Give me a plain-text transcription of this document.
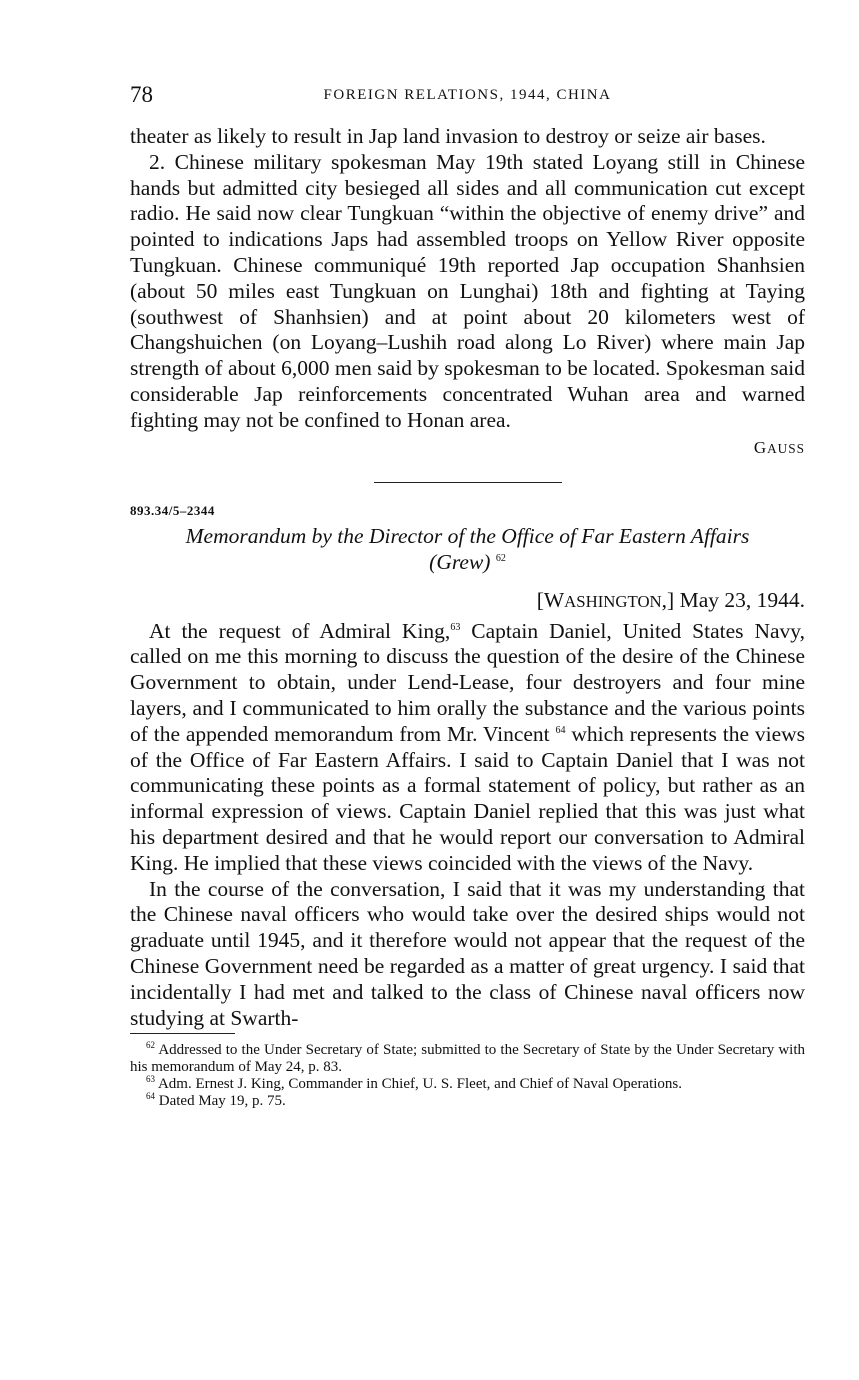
78	FOREIGN RELATIONS, 1944, CHINA

theater as likely to result in Jap land invasion to destroy or seize air bases.

2. Chinese military spokesman May 19th stated Loyang still in Chinese hands but admitted city besieged all sides and all communication cut except radio. He said now clear Tungkuan “within the objective of enemy drive” and pointed to indications Japs had assembled troops on Yellow River opposite Tungkuan. Chinese communiqué 19th reported Jap occupation Shanhsien (about 50 miles east Tungkuan on Lunghai) 18th and fighting at Taying (southwest of Shanhsien) and at point about 20 kilometers west of Changshuichen (on Loyang–Lushih road along Lo River) where main Jap strength of about 6,000 men said by spokesman to be located. Spokesman said considerable Jap reinforcements concentrated Wuhan area and warned fighting may not be confined to Honan area.

GAUSS
893.34/5–2344
Memorandum by the Director of the Office of Far Eastern Affairs
(Grew) $^{62}$
[WASHINGTON,] May 23, 1944.

At the request of Admiral King,$^{63}$ Captain Daniel, United States Navy, called on me this morning to discuss the question of the desire of the Chinese Government to obtain, under Lend-Lease, four destroyers and four mine layers, and I communicated to him orally the substance and the various points of the appended memorandum from Mr. Vincent $^{64}$ which represents the views of the Office of Far Eastern Affairs. I said to Captain Daniel that I was not communicating these points as a formal statement of policy, but rather as an informal expression of views. Captain Daniel replied that this was just what his department desired and that he would report our conversation to Admiral King. He implied that these views coincided with the views of the Navy.

In the course of the conversation, I said that it was my understanding that the Chinese naval officers who would take over the desired ships would not graduate until 1945, and it therefore would not appear that the request of the Chinese Government need be regarded as a matter of great urgency. I said that incidentally I had met and talked to the class of Chinese naval officers now studying at Swarth-

$^{62}$ Addressed to the Under Secretary of State; submitted to the Secretary of State by the Under Secretary with his memorandum of May 24, p. 83.

$^{63}$ Adm. Ernest J. King, Commander in Chief, U. S. Fleet, and Chief of Naval Operations.

$^{64}$ Dated May 19, p. 75.
